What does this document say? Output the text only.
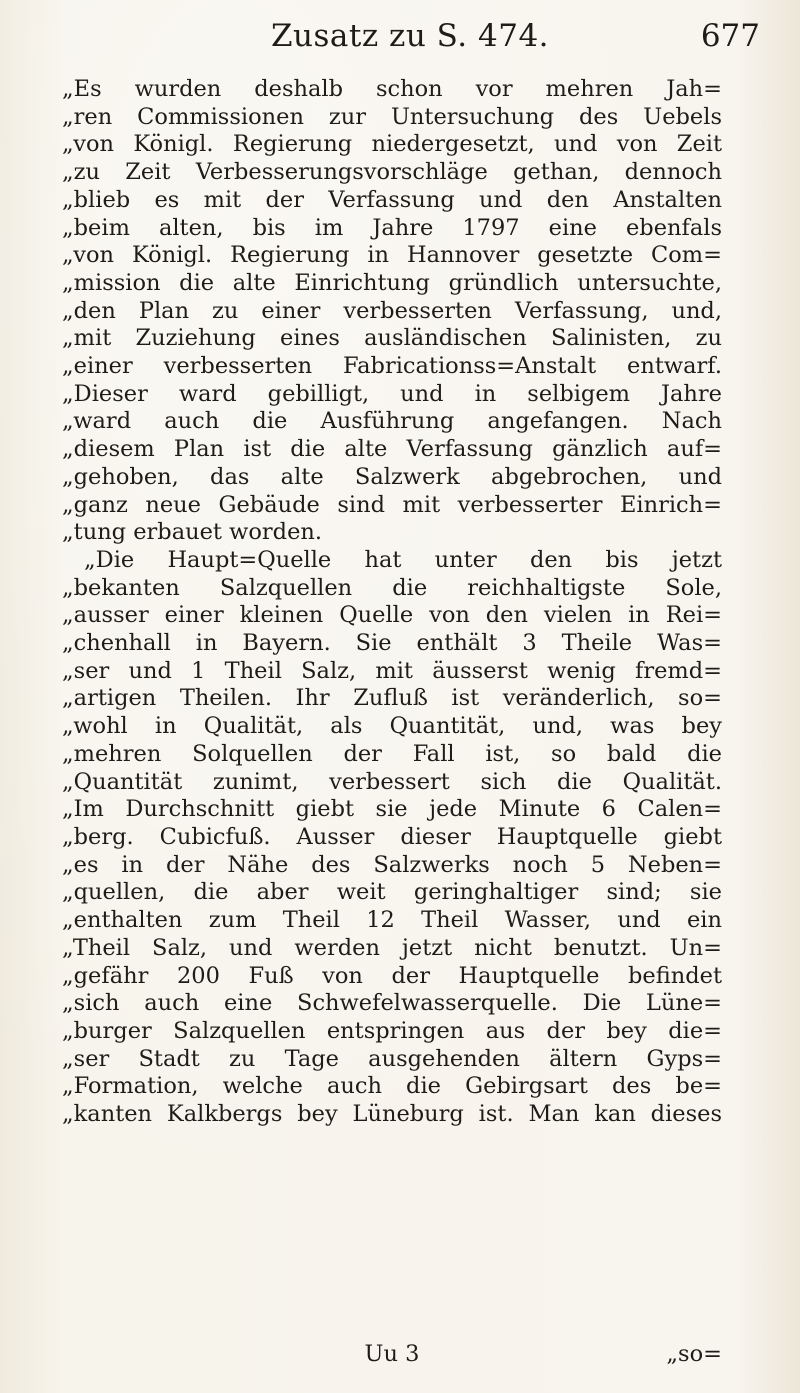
Zusatz zu S. 474.	677
„Es wurden deshalb schon vor mehren Jah=
„ren Commissionen zur Untersuchung des Uebels
„von Königl. Regierung niedergesetzt, und von Zeit
„zu Zeit Verbesserungsvorschläge gethan, dennoch
„blieb es mit der Verfassung und den Anstalten
„beim alten, bis im Jahre 1797 eine ebenfals
„von Königl. Regierung in Hannover gesetzte Com=
„mission die alte Einrichtung gründlich untersuchte,
„den Plan zu einer verbesserten Verfassung, und,
„mit Zuziehung eines ausländischen Salinisten, zu
„einer verbesserten Fabricationss=Anstalt entwarf.
„Dieser ward gebilligt, und in selbigem Jahre
„ward auch die Ausführung angefangen. Nach
„diesem Plan ist die alte Verfassung gänzlich auf=
„gehoben, das alte Salzwerk abgebrochen, und
„ganz neue Gebäude sind mit verbesserter Einrich=
„tung erbauet worden.
„Die Haupt=Quelle hat unter den bis jetzt
„bekanten Salzquellen die reichhaltigste Sole,
„ausser einer kleinen Quelle von den vielen in Rei=
„chenhall in Bayern. Sie enthält 3 Theile Was=
„ser und 1 Theil Salz, mit äusserst wenig fremd=
„artigen Theilen. Ihr Zufluß ist veränderlich, so=
„wohl in Qualität, als Quantität, und, was bey
„mehren Solquellen der Fall ist, so bald die
„Quantität zunimt, verbessert sich die Qualität.
„Im Durchschnitt giebt sie jede Minute 6 Calen=
„berg. Cubicfuß. Ausser dieser Hauptquelle giebt
„es in der Nähe des Salzwerks noch 5 Neben=
„quellen, die aber weit geringhaltiger sind; sie
„enthalten zum Theil 12 Theil Wasser, und ein
„Theil Salz, und werden jetzt nicht benutzt. Un=
„gefähr 200 Fuß von der Hauptquelle befindet
„sich auch eine Schwefelwasserquelle. Die Lüne=
„burger Salzquellen entspringen aus der bey die=
„ser Stadt zu Tage ausgehenden ältern Gyps=
„Formation, welche auch die Gebirgsart des be=
„kanten Kalkbergs bey Lüneburg ist. Man kan dieses
Uu 3	„so=
